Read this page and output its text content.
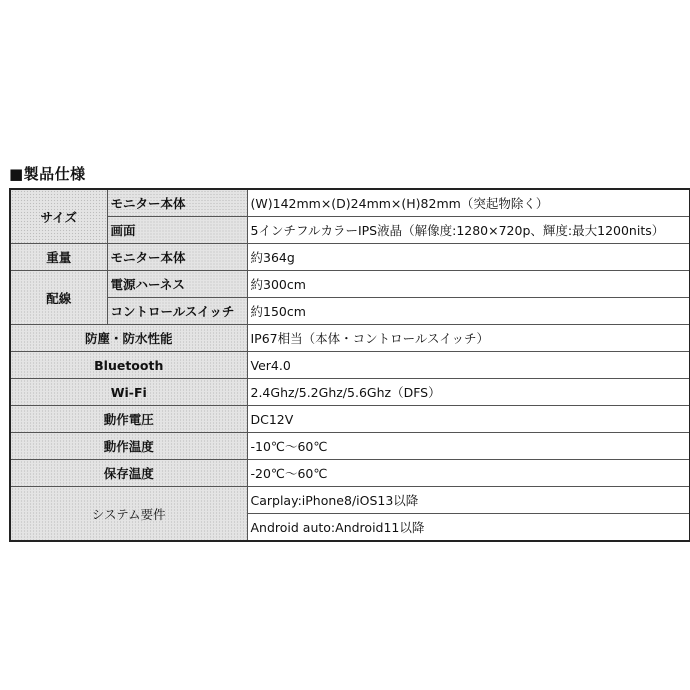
■製品仕様
サイズ	モニター本体	(W)142mm×(D)24mm×(H)82mm（突起物除く）
	画面	5インチフルカラーIPS液晶（解像度:1280×720p、輝度:最大1200nits）
重量	モニター本体	約364g
配線	電源ハーネス	約300cm
	コントロールスイッチ	約150cm
防塵・防水性能		IP67相当（本体・コントロールスイッチ）
Bluetooth		Ver4.0
Wi-Fi		2.4Ghz/5.2Ghz/5.6Ghz（DFS）
動作電圧		DC12V
動作温度		-10℃～60℃
保存温度		-20℃～60℃
システム要件		Carplay:iPhone8/iOS13以降
		Android auto:Android11以降
